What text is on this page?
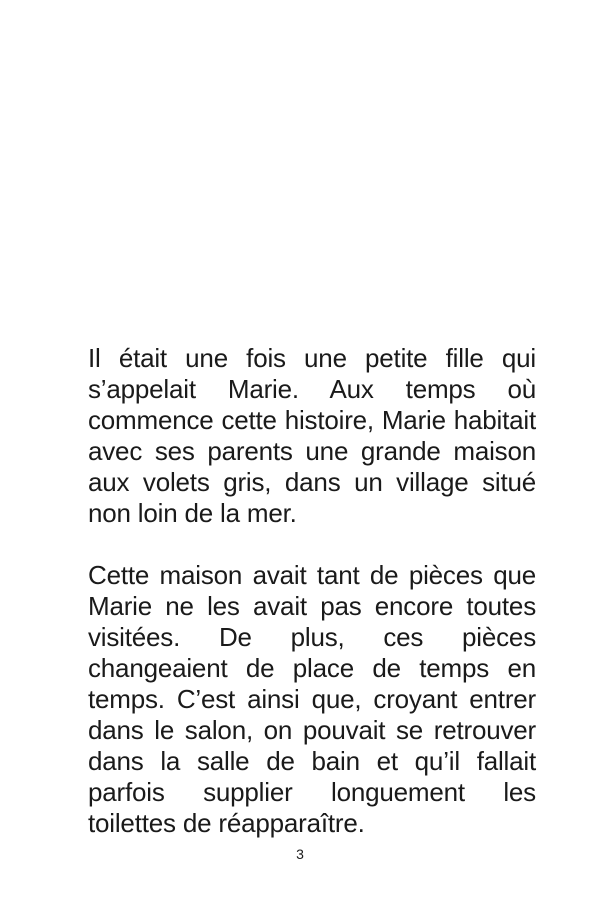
Il était une fois une petite fille qui s’appelait Marie. Aux temps où commence cette histoire, Marie habitait avec ses parents une grande maison aux volets gris, dans un village situé non loin de la mer.

Cette maison avait tant de pièces que Marie ne les avait pas encore toutes visitées. De plus, ces pièces changeaient de place de temps en temps. C’est ainsi que, croyant entrer dans le salon, on pouvait se retrouver dans la salle de bain et qu’il fallait parfois supplier longuement les toilettes de réapparaître.

3
